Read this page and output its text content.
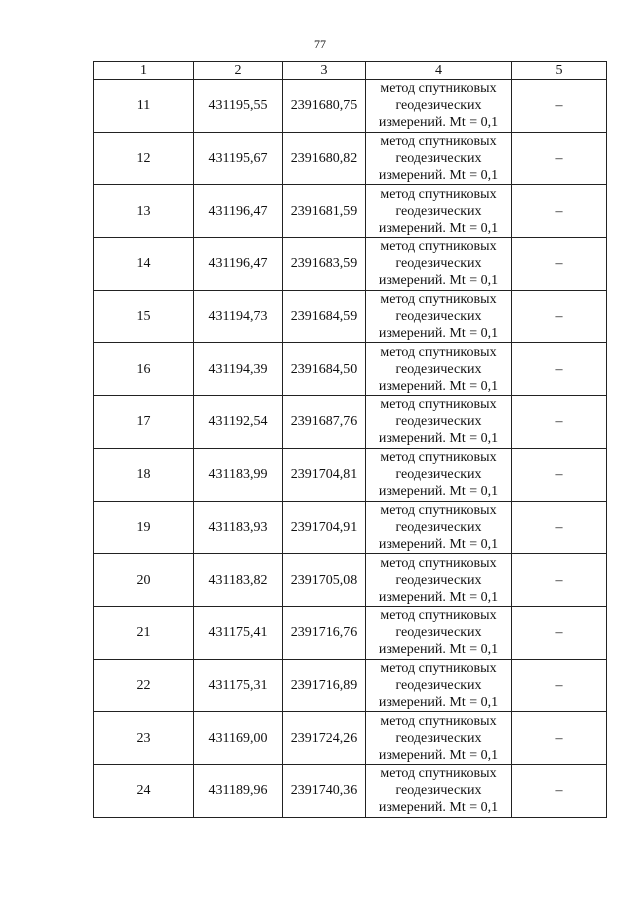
77
1	2	3	4	5
11	431195,55	2391680,75	метод спутниковых
геодезических
измерений. Mt = 0,1	–
12	431195,67	2391680,82	метод спутниковых
геодезических
измерений. Mt = 0,1	–
13	431196,47	2391681,59	метод спутниковых
геодезических
измерений. Mt = 0,1	–
14	431196,47	2391683,59	метод спутниковых
геодезических
измерений. Mt = 0,1	–
15	431194,73	2391684,59	метод спутниковых
геодезических
измерений. Mt = 0,1	–
16	431194,39	2391684,50	метод спутниковых
геодезических
измерений. Mt = 0,1	–
17	431192,54	2391687,76	метод спутниковых
геодезических
измерений. Mt = 0,1	–
18	431183,99	2391704,81	метод спутниковых
геодезических
измерений. Mt = 0,1	–
19	431183,93	2391704,91	метод спутниковых
геодезических
измерений. Mt = 0,1	–
20	431183,82	2391705,08	метод спутниковых
геодезических
измерений. Mt = 0,1	–
21	431175,41	2391716,76	метод спутниковых
геодезических
измерений. Mt = 0,1	–
22	431175,31	2391716,89	метод спутниковых
геодезических
измерений. Mt = 0,1	–
23	431169,00	2391724,26	метод спутниковых
геодезических
измерений. Mt = 0,1	–
24	431189,96	2391740,36	метод спутниковых
геодезических
измерений. Mt = 0,1	–
